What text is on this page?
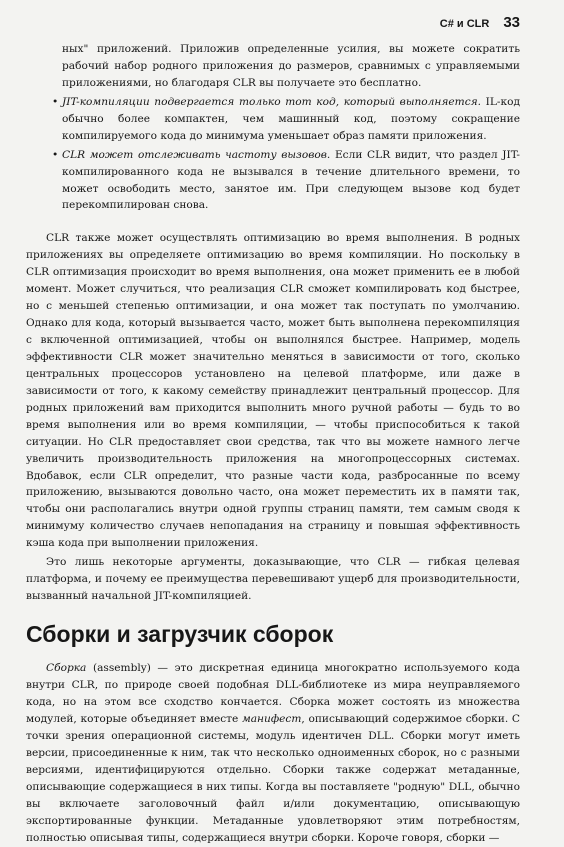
C# и CLR 33
ных" приложений. Приложив определенные усилия, вы можете сократить рабочий набор родного приложения до размеров, сравнимых с управляемыми приложениями, но благодаря CLR вы получаете это бесплатно.
• JIT-компиляции подвергается только тот код, который выполняется. IL-код обычно более компактен, чем машинный код, поэтому сокращение компилируемого кода до минимума уменьшает образ памяти приложения.
• CLR может отслеживать частоту вызовов. Если CLR видит, что раздел JIT-компилированного кода не вызывался в течение длительного времени, то может освободить место, занятое им. При следующем вызове код будет перекомпилирован снова.

CLR также может осуществлять оптимизацию во время выполнения. В родных приложениях вы определяете оптимизацию во время компиляции. Но поскольку в CLR оптимизация происходит во время выполнения, она может применить ее в любой момент. Может случиться, что реализация CLR сможет компилировать код быстрее, но с меньшей степенью оптимизации, и она может так поступать по умолчанию. Однако для кода, который вызывается часто, может быть выполнена перекомпиляция с включенной оптимизацией, чтобы он выполнялся быстрее. Например, модель эффективности CLR может значительно меняться в зависимости от того, сколько центральных процессоров установлено на целевой платформе, или даже в зависимости от того, к какому семейству принадлежит центральный процессор. Для родных приложений вам приходится выполнить много ручной работы — будь то во время выполнения или во время компиляции, — чтобы приспособиться к такой ситуации. Но CLR предоставляет свои средства, так что вы можете намного легче увеличить производительность приложения на многопроцессорных системах. Вдобавок, если CLR определит, что разные части кода, разбросанные по всему приложению, вызываются довольно часто, она может переместить их в памяти так, чтобы они располагались внутри одной группы страниц памяти, тем самым сводя к минимуму количество случаев непопадания на страницу и повышая эффективность кэша кода при выполнении приложения.

Это лишь некоторые аргументы, доказывающие, что CLR — гибкая целевая платформа, и почему ее преимущества перевешивают ущерб для производительности, вызванный начальной JIT-компиляцией.

Сборки и загрузчик сборок

Сборка (assembly) — это дискретная единица многократно используемого кода внутри CLR, по природе своей подобная DLL-библиотеке из мира неуправляемого кода, но на этом все сходство кончается. Сборка может состоять из множества модулей, которые объединяет вместе манифест, описывающий содержимое сборки. С точки зрения операционной системы, модуль идентичен DLL. Сборки могут иметь версии, присоединенные к ним, так что несколько одноименных сборок, но с разными версиями, идентифицируются отдельно. Сборки также содержат метаданные, описывающие содержащиеся в них типы. Когда вы поставляете "родную" DLL, обычно вы включаете заголовочный файл и/или документацию, описывающую экспортированные функции. Метаданные удовлетворяют этим потребностям, полностью описывая типы, содержащиеся внутри сборки. Короче говоря, сборки —
